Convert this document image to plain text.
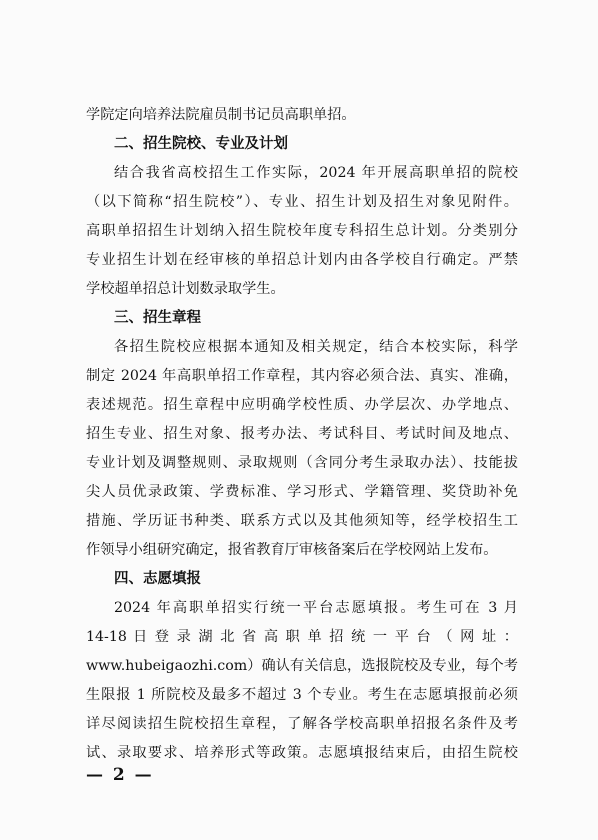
学院定向培养法院雇员制书记员高职单招。
二、招生院校、专业及计划
结合我省高校招生工作实际，2024 年开展高职单招的院校
（以下简称“招生院校”）、专业、招生计划及招生对象见附件。
高职单招招生计划纳入招生院校年度专科招生总计划。分类别分
专业招生计划在经审核的单招总计划内由各学校自行确定。严禁
学校超单招总计划数录取学生。
三、招生章程
各招生院校应根据本通知及相关规定，结合本校实际，科学
制定 2024 年高职单招工作章程，其内容必须合法、真实、准确，
表述规范。招生章程中应明确学校性质、办学层次、办学地点、
招生专业、招生对象、报考办法、考试科目、考试时间及地点、
专业计划及调整规则、录取规则（含同分考生录取办法）、技能拔
尖人员优录政策、学费标准、学习形式、学籍管理、奖贷助补免
措施、学历证书种类、联系方式以及其他须知等，经学校招生工
作领导小组研究确定，报省教育厅审核备案后在学校网站上发布。
四、志愿填报
2024 年高职单招实行统一平台志愿填报。考生可在 3 月
14-18 日 登 录 湖 北 省 高 职 单 招 统 一 平 台 （ 网 址 ：
www.hubeigaozhi.com）确认有关信息，选报院校及专业，每个考
生限报 1 所院校及最多不超过 3 个专业。考生在志愿填报前必须
详尽阅读招生院校招生章程，了解各学校高职单招报名条件及考
试、录取要求、培养形式等政策。志愿填报结束后，由招生院校
— 2 —
